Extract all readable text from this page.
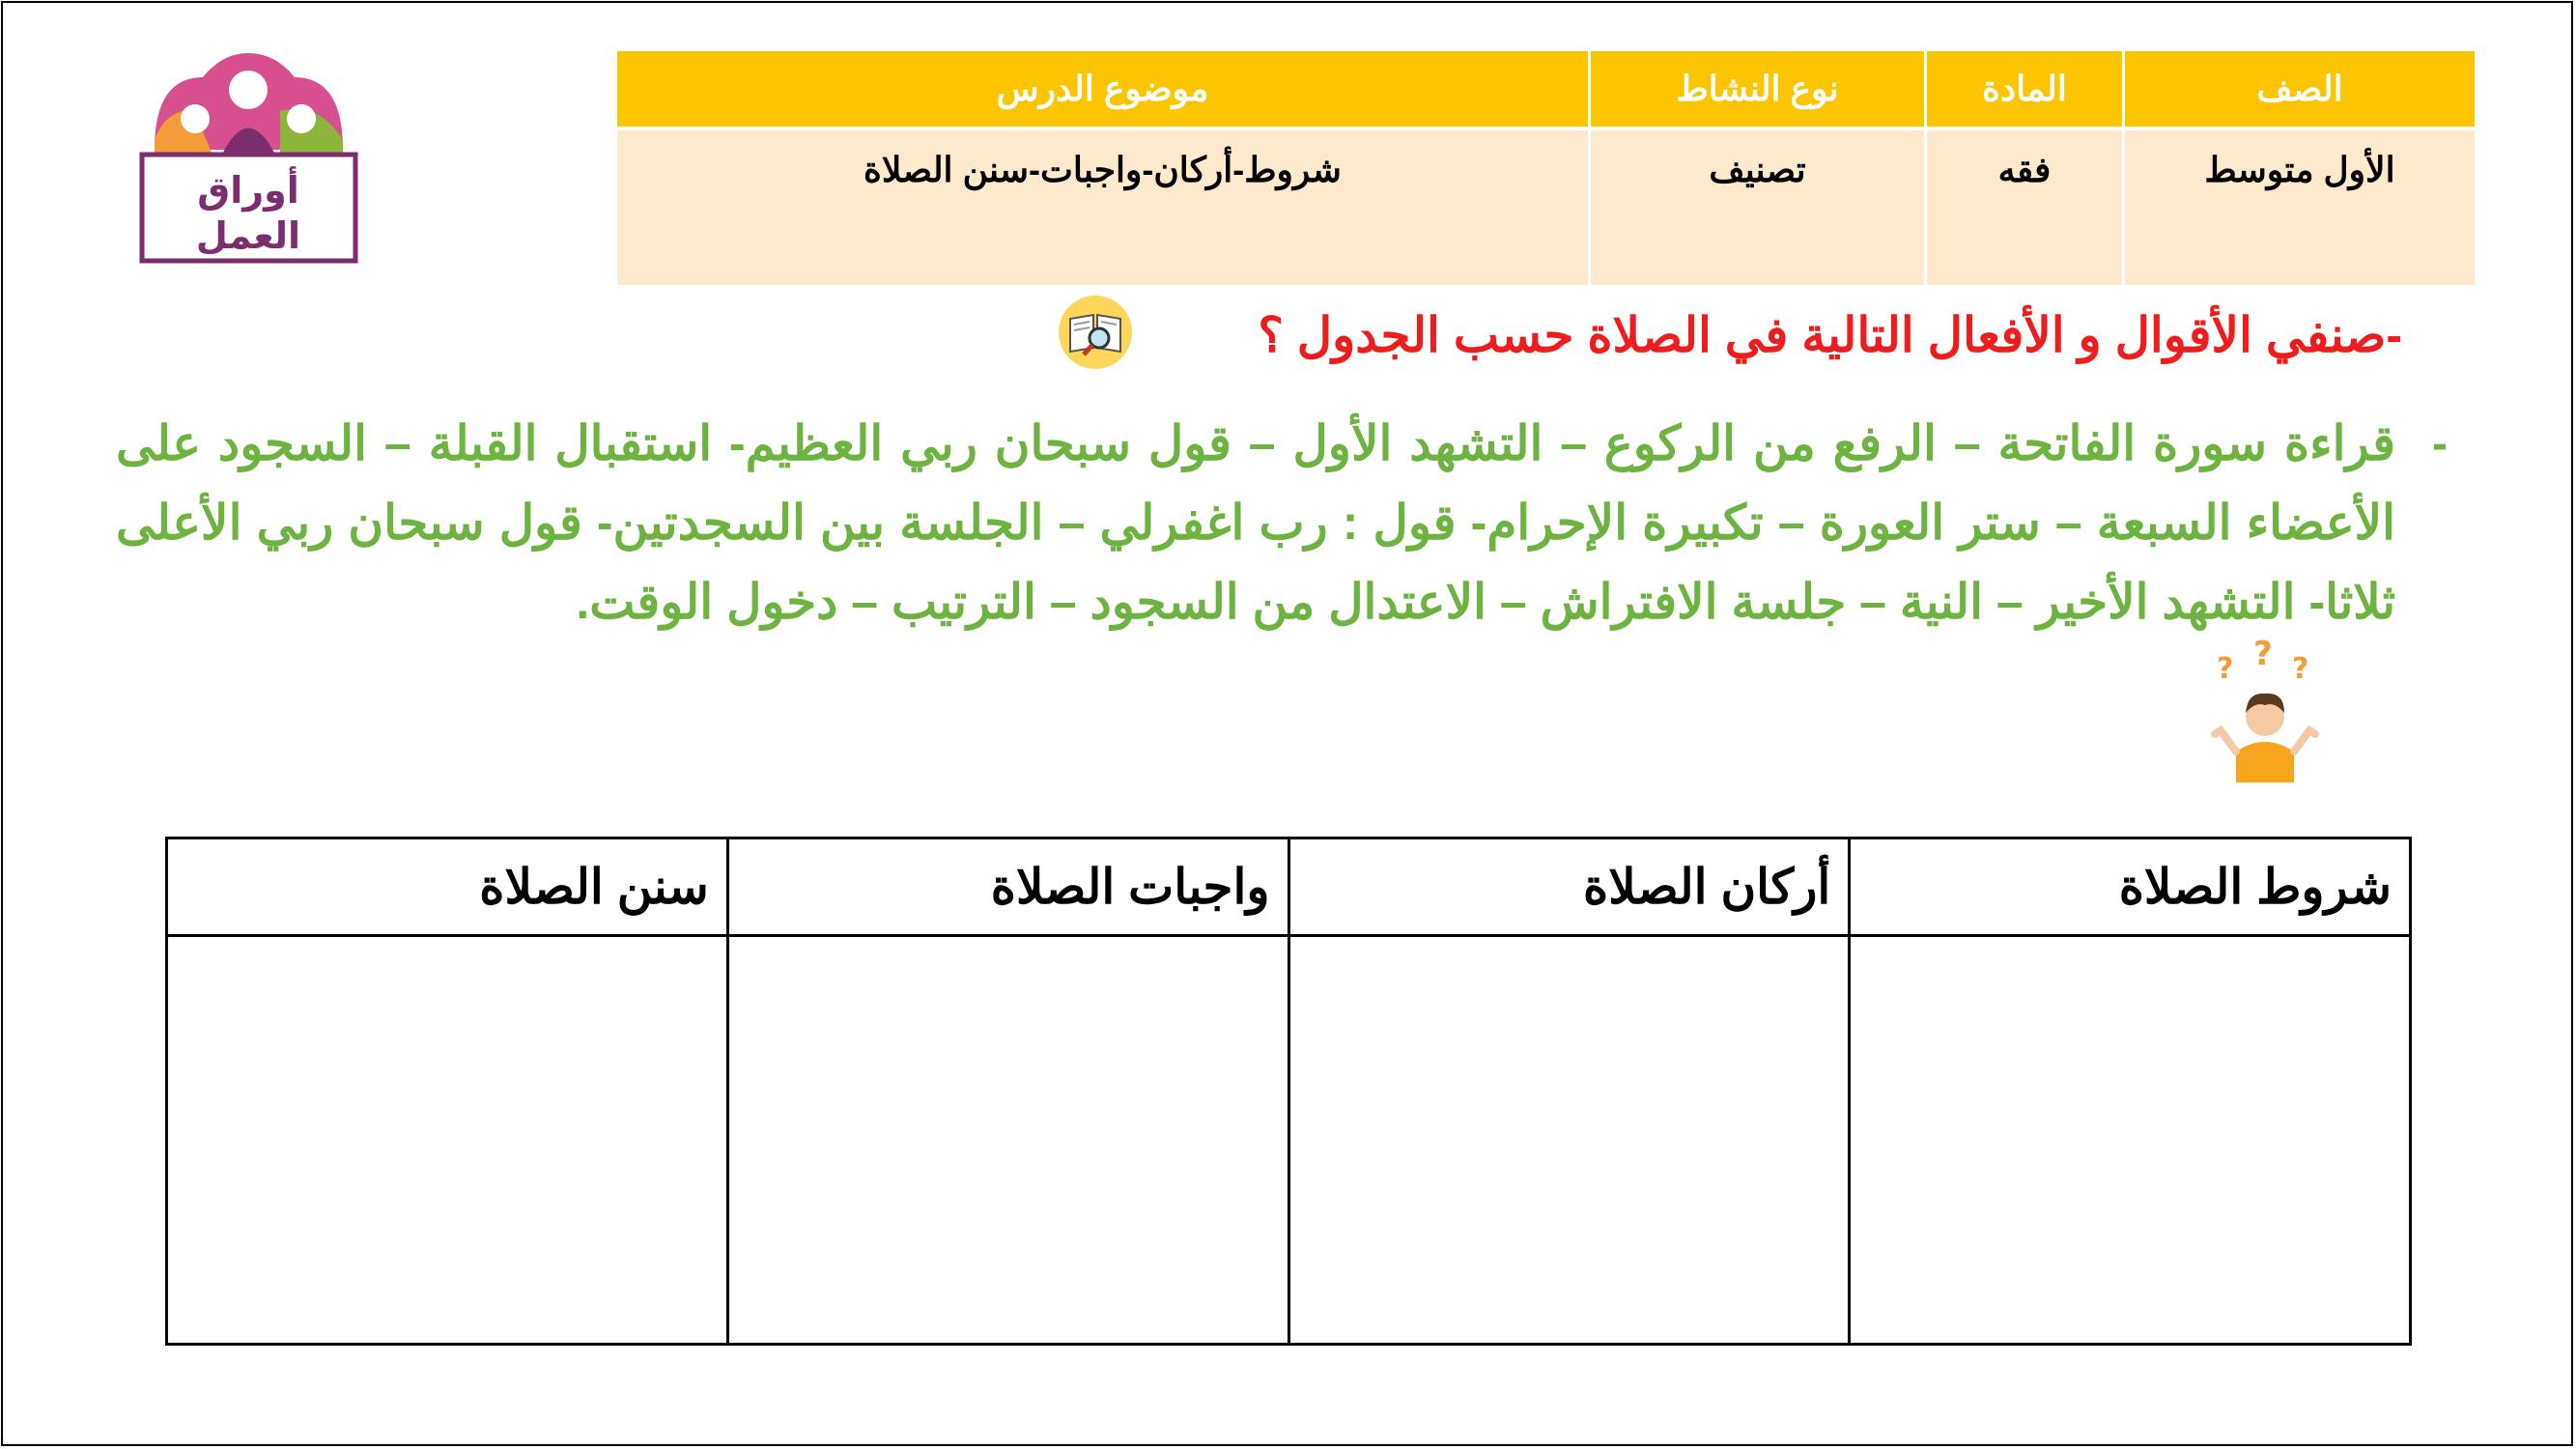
أوراق
العمل
الصف	المادة	نوع النشاط	موضوع الدرس
الأول متوسط	فقه	تصنيف	شروط-أركان-واجبات-سنن الصلاة
-صنفي الأقوال و الأفعال التالية في الصلاة حسب الجدول ؟
-
قراءة سورة الفاتحة – الرفع من الركوع – التشهد الأول – قول سبحان ربي العظيم- استقبال القبلة – السجود على الأعضاء السبعة – ستر العورة – تكبيرة الإحرام- قول : رب اغفرلي – الجلسة بين السجدتين- قول سبحان ربي الأعلى ثلاثا- التشهد الأخير – النية – جلسة الافتراش – الاعتدال من السجود – الترتيب – دخول الوقت.
? ? ?
شروط الصلاة	أركان الصلاة	واجبات الصلاة	سنن الصلاة
